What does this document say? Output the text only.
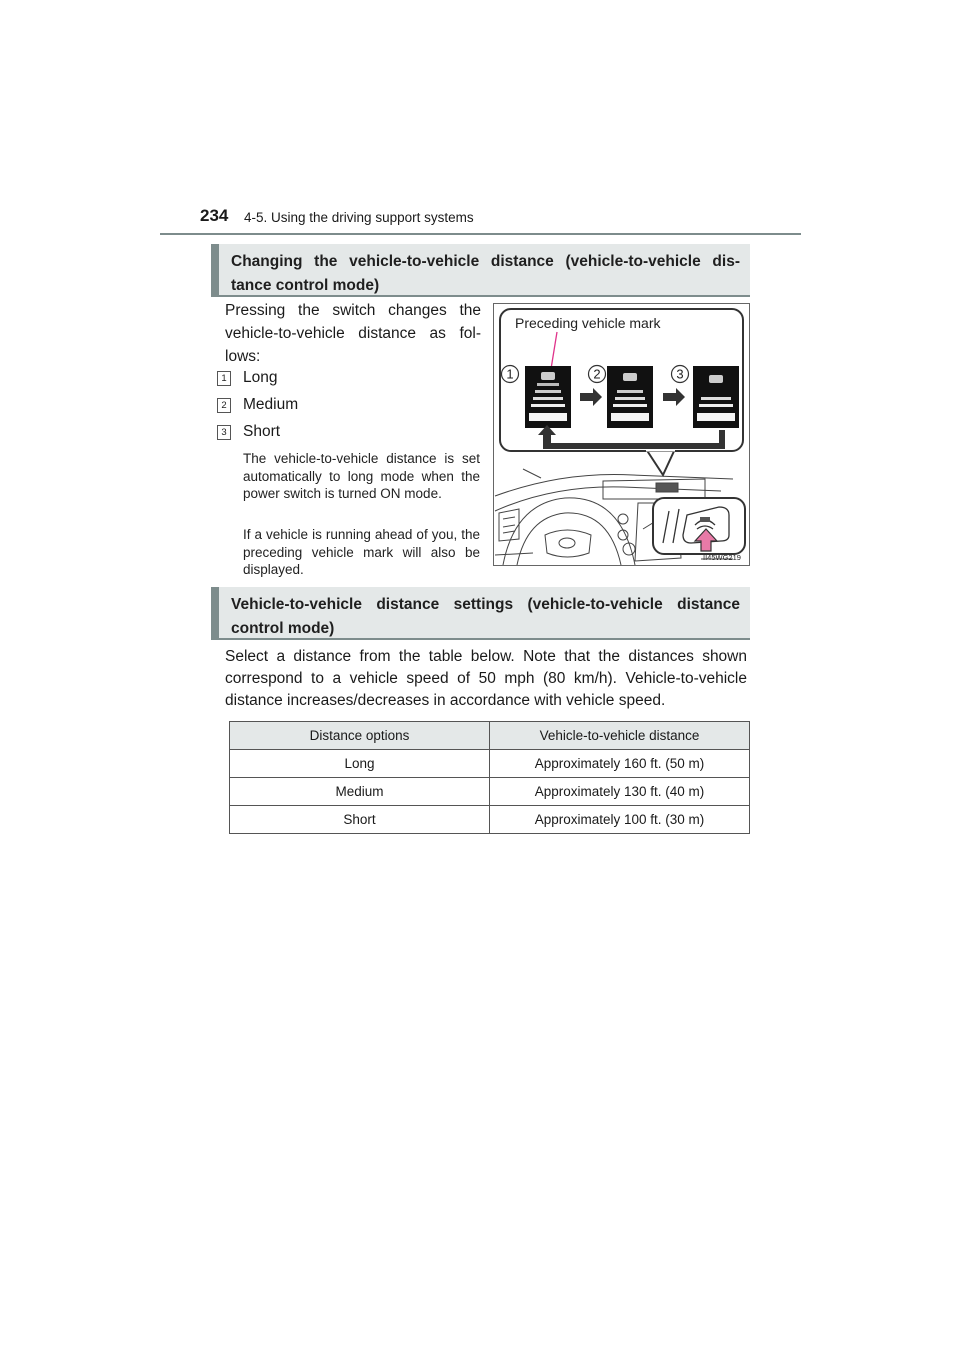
234 4-5. Using the driving support systems
Changing the vehicle-to-vehicle distance (vehicle-to-vehicle dis-tance control mode)
Pressing the switch changes the vehicle-to-vehicle distance as fol-lows:
1 Long
2 Medium
3 Short
The vehicle-to-vehicle distance is set automatically to long mode when the power switch is turned ON mode.
If a vehicle is running ahead of you, the preceding vehicle mark will also be displayed.
Preceding vehicle mark
1	2	3
II45WG219
Vehicle-to-vehicle distance settings (vehicle-to-vehicle distance control mode)
Select a distance from the table below. Note that the distances shown correspond to a vehicle speed of 50 mph (80 km/h). Vehicle-to-vehicle distance increases/decreases in accordance with vehicle speed.
Distance options	Vehicle-to-vehicle distance
Long	Approximately 160 ft. (50 m)
Medium	Approximately 130 ft. (40 m)
Short	Approximately 100 ft. (30 m)
